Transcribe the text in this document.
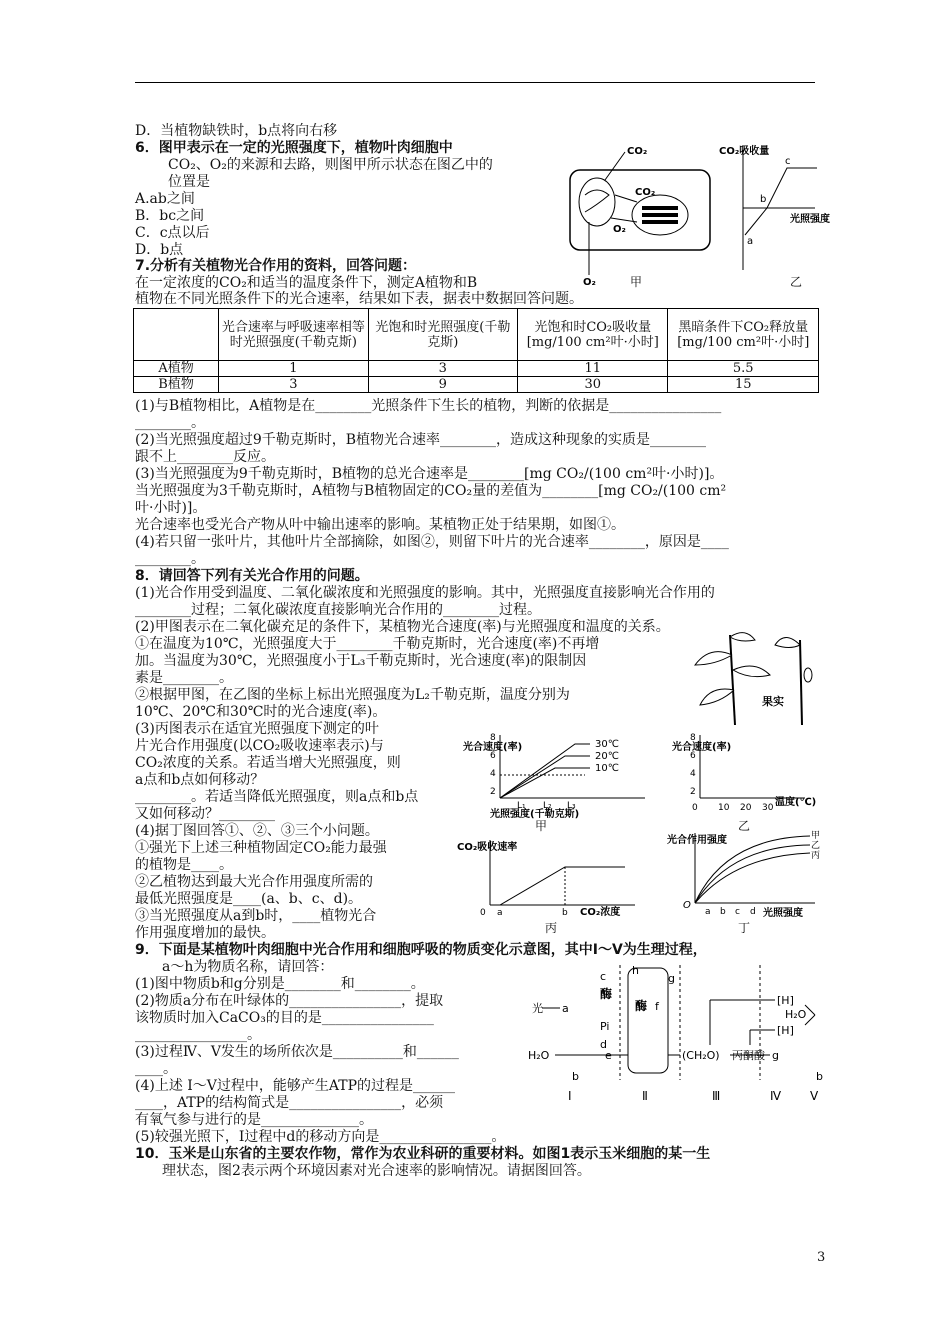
D．当植物缺铁时，b点将向右移
6．图甲表示在一定的光照强度下，植物叶肉细胞中
CO₂、O₂的来源和去路，则图甲所示状态在图乙中的
位置是
A.ab之间
B．bc之间
C．c点以后
D．b点
7.分析有关植物光合作用的资料，回答问题：
在一定浓度的CO₂和适当的温度条件下，测定A植物和B
植物在不同光照条件下的光合速率，结果如下表，据表中数据回答问题。
	光合速率与呼吸速率相等时光照强度(千勒克斯)	光饱和时光照强度(千勒克斯)	光饱和时CO₂吸收量[mg/100 cm²叶·小时]	黑暗条件下CO₂释放量[mg/100 cm²叶·小时]
A植物	1	3	11	5.5
B植物	3	9	30	15
(1)与B植物相比，A植物是在________光照条件下生长的植物，判断的依据是________________
________。
(2)当光照强度超过9千勒克斯时，B植物光合速率________，造成这种现象的实质是________
跟不上________反应。
(3)当光照强度为9千勒克斯时，B植物的总光合速率是________[mg CO₂/(100 cm²叶·小时)]。
当光照强度为3千勒克斯时，A植物与B植物固定的CO₂量的差值为________[mg CO₂/(100 cm²
叶·小时)]。
光合速率也受光合产物从叶中输出速率的影响。某植物正处于结果期，如图①。
(4)若只留一张叶片，其他叶片全部摘除，如图②，则留下叶片的光合速率________，原因是____
________。
8．请回答下列有关光合作用的问题。
(1)光合作用受到温度、二氧化碳浓度和光照强度的影响。其中，光照强度直接影响光合作用的
________过程；二氧化碳浓度直接影响光合作用的________过程。
(2)甲图表示在二氧化碳充足的条件下，某植物光合速度(率)与光照强度和温度的关系。
①在温度为10℃，光照强度大于________千勒克斯时，光合速度(率)不再增
加。当温度为30℃，光照强度小于L₃千勒克斯时，光合速度(率)的限制因
素是________。
②根据甲图，在乙图的坐标上标出光照强度为L₂千勒克斯，温度分别为
10℃、20℃和30℃时的光合速度(率)。
(3)丙图表示在适宜光照强度下测定的叶
片光合作用强度(以CO₂吸收速率表示)与
CO₂浓度的关系。若适当增大光照强度，则
a点和b点如何移动？
________。若适当降低光照强度，则a点和b点
又如何移动？________
(4)据丁图回答①、②、③三个小问题。
①强光下上述三种植物固定CO₂能力最强
的植物是____。
②乙植物达到最大光合作用强度所需的
最低光照强度是____(a、b、c、d)。
③当光照强度从a到b时，____植物光合
作用强度增加的最快。
9．下面是某植物叶肉细胞中光合作用和细胞呼吸的物质变化示意图，其中Ⅰ～Ⅴ为生理过程，
a～h为物质名称，请回答：
(1)图中物质b和g分别是________和________。
(2)物质a分布在叶绿体的________________，提取
该物质时加入CaCO₃的目的是________________
________________。
(3)过程Ⅳ、Ⅴ发生的场所依次是__________和______
____。
(4)上述 Ⅰ～Ⅴ过程中，能够产生ATP的过程是______
____，ATP的结构简式是________________，必须
有氧气参与进行的是______________。
(5)较强光照下，Ⅰ过程中d的移动方向是________________。
10．玉米是山东省的主要农作物，常作为农业科研的重要材料。如图1表示玉米细胞的某一生
理状态，图2表示两个环境因素对光合速率的影响情况。请据图回答。
CO₂
CO₂
O₂
O₂
CO₂吸收量
光照强度
a
b
c
甲	乙
果实
光合速度(率)
8
6
4
2
30℃
20℃
10℃
L₁ L₂ L₃
光照强度(千勒克斯)
甲
光合速度(率)
8
6
4
2
0 10 20 30 温度(℃)
乙
CO₂吸收速率
0 a	b CO₂浓度
丙
光合作用强度	甲
乙
丙
O
a b c d 光照强度
丁
光 a
c
酶
Pi
d
h
g
酶 f
H₂O	e	(CH₂O) 丙酮酸 g
[H]
[H]
H₂O
b	b
Ⅰ	Ⅱ	Ⅲ	Ⅳ Ⅴ
3
